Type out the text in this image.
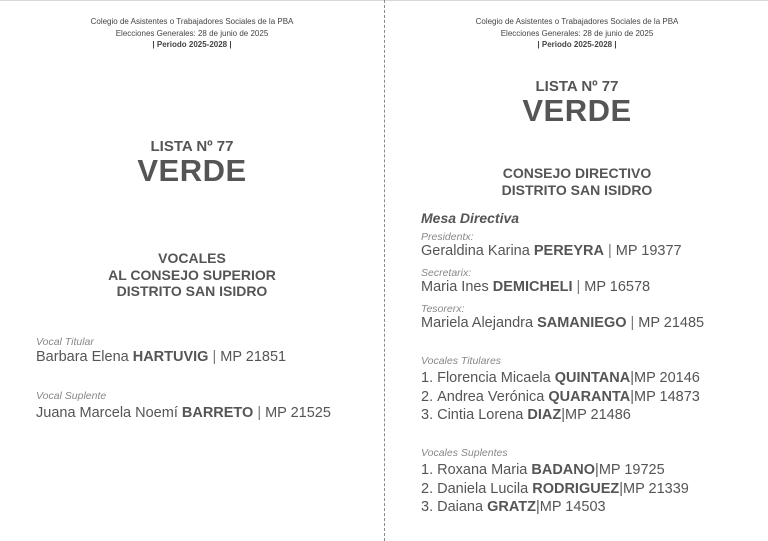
Colegio de Asistentes o Trabajadores Sociales de la PBA
Elecciones Generales: 28 de junio de 2025
| Periodo 2025-2028 |
LISTA Nº 77
VERDE
VOCALES
AL CONSEJO SUPERIOR
DISTRITO SAN ISIDRO
Vocal Titular
Barbara Elena HARTUVIG | MP 21851
Vocal Suplente
Juana Marcela Noemí BARRETO | MP 21525
Colegio de Asistentes o Trabajadores Sociales de la PBA
Elecciones Generales: 28 de junio de 2025
| Periodo 2025-2028 |
LISTA Nº 77
VERDE
CONSEJO DIRECTIVO
DISTRITO SAN ISIDRO
Mesa Directiva
Presidentx:
Geraldina Karina PEREYRA | MP 19377
Secretarix:
Maria Ines DEMICHELI | MP 16578
Tesorerx:
Mariela Alejandra SAMANIEGO | MP 21485
Vocales Titulares
1. Florencia Micaela QUINTANA|MP 20146
2. Andrea Verónica QUARANTA|MP 14873
3. Cintia Lorena DIAZ|MP 21486
Vocales Suplentes
1. Roxana Maria BADANO|MP 19725
2. Daniela Lucila RODRIGUEZ|MP 21339
3. Daiana GRATZ|MP 14503
